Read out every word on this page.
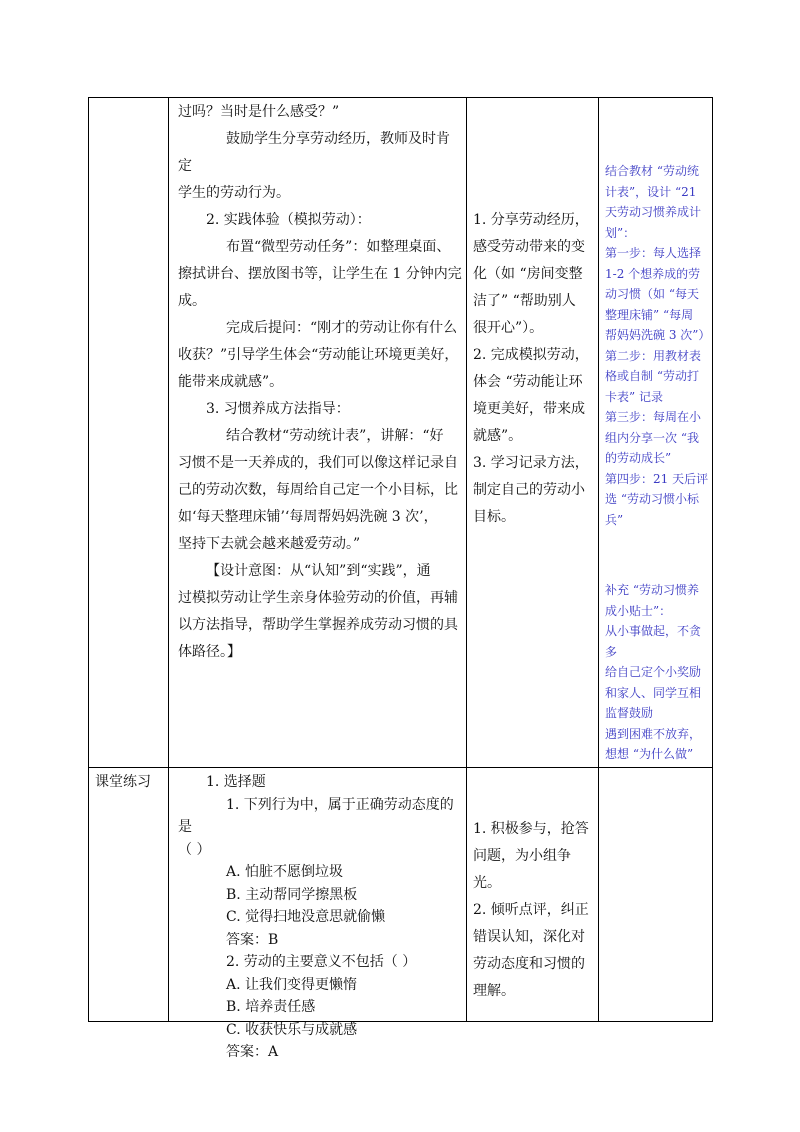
过吗？当时是什么感受？”

鼓励学生分享劳动经历，教师及时肯定

学生的劳动行为。

2. 实践体验（模拟劳动）：

布置“微型劳动任务”：如整理桌面、

擦拭讲台、摆放图书等，让学生在 1 分钟内完

成。

完成后提问：“刚才的劳动让你有什么

收获？”引导学生体会“劳动能让环境更美好，

能带来成就感”。

3. 习惯养成方法指导：

结合教材“劳动统计表”，讲解：“好

习惯不是一天养成的，我们可以像这样记录自

己的劳动次数，每周给自己定一个小目标，比

如‘每天整理床铺’‘每周帮妈妈洗碗 3 次’，

坚持下去就会越来越爱劳动。”

【设计意图：从“认知”到“实践”，通

过模拟劳动让学生亲身体验劳动的价值，再辅

以方法指导，帮助学生掌握养成劳动习惯的具

体路径。】

1. 分享劳动经历，

感受劳动带来的变

化（如 “房间变整

洁了” “帮助别人

很开心”）。

2. 完成模拟劳动，

体会 “劳动能让环

境更美好，带来成

就感”。

3. 学习记录方法，

制定自己的劳动小

目标。

结合教材 “劳动统

计表”，设计 “21

天劳动习惯养成计

划”：

第一步：每人选择

1-2 个想养成的劳

动习惯（如 “每天

整理床铺” “每周

帮妈妈洗碗 3 次”）

第二步：用教材表

格或自制 “劳动打

卡表” 记录

第三步：每周在小

组内分享一次 “我

的劳动成长”

第四步：21 天后评

选 “劳动习惯小标

兵”

补充 “劳动习惯养

成小贴士”：

从小事做起，不贪

多

给自己定个小奖励

和家人、同学互相

监督鼓励

遇到困难不放弃，

想想 “为什么做”

课堂练习	1. 选择题

1. 下列行为中，属于正确劳动态度的是

（ ）

A. 怕脏不愿倒垃圾

B. 主动帮同学擦黑板

C. 觉得扫地没意思就偷懒

答案：B

2. 劳动的主要意义不包括（ ）

A. 让我们变得更懒惰

B. 培养责任感

C. 收获快乐与成就感

答案：A

1. 积极参与，抢答

问题，为小组争光。

2. 倾听点评，纠正

错误认知，深化对

劳动态度和习惯的

理解。
